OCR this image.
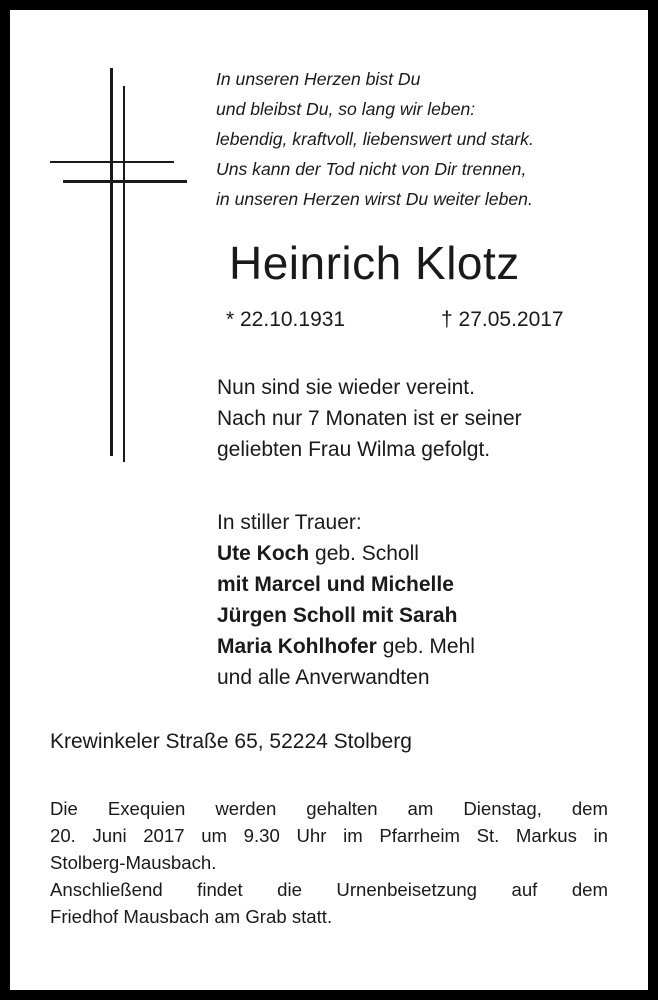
In unseren Herzen bist Du
und bleibst Du, so lang wir leben:
lebendig, kraftvoll, liebenswert und stark.
Uns kann der Tod nicht von Dir trennen,
in unseren Herzen wirst Du weiter leben.
Heinrich Klotz
* 22.10.1931	† 27.05.2017
Nun sind sie wieder vereint.
Nach nur 7 Monaten ist er seiner
geliebten Frau Wilma gefolgt.
In stiller Trauer:
Ute Koch geb. Scholl
mit Marcel und Michelle
Jürgen Scholl mit Sarah
Maria Kohlhofer geb. Mehl
und alle Anverwandten
Krewinkeler Straße 65, 52224 Stolberg
Die Exequien werden gehalten am Dienstag, dem
20. Juni 2017 um 9.30 Uhr im Pfarrheim St. Markus in
Stolberg-Mausbach.
Anschließend findet die Urnenbeisetzung auf dem
Friedhof Mausbach am Grab statt.
